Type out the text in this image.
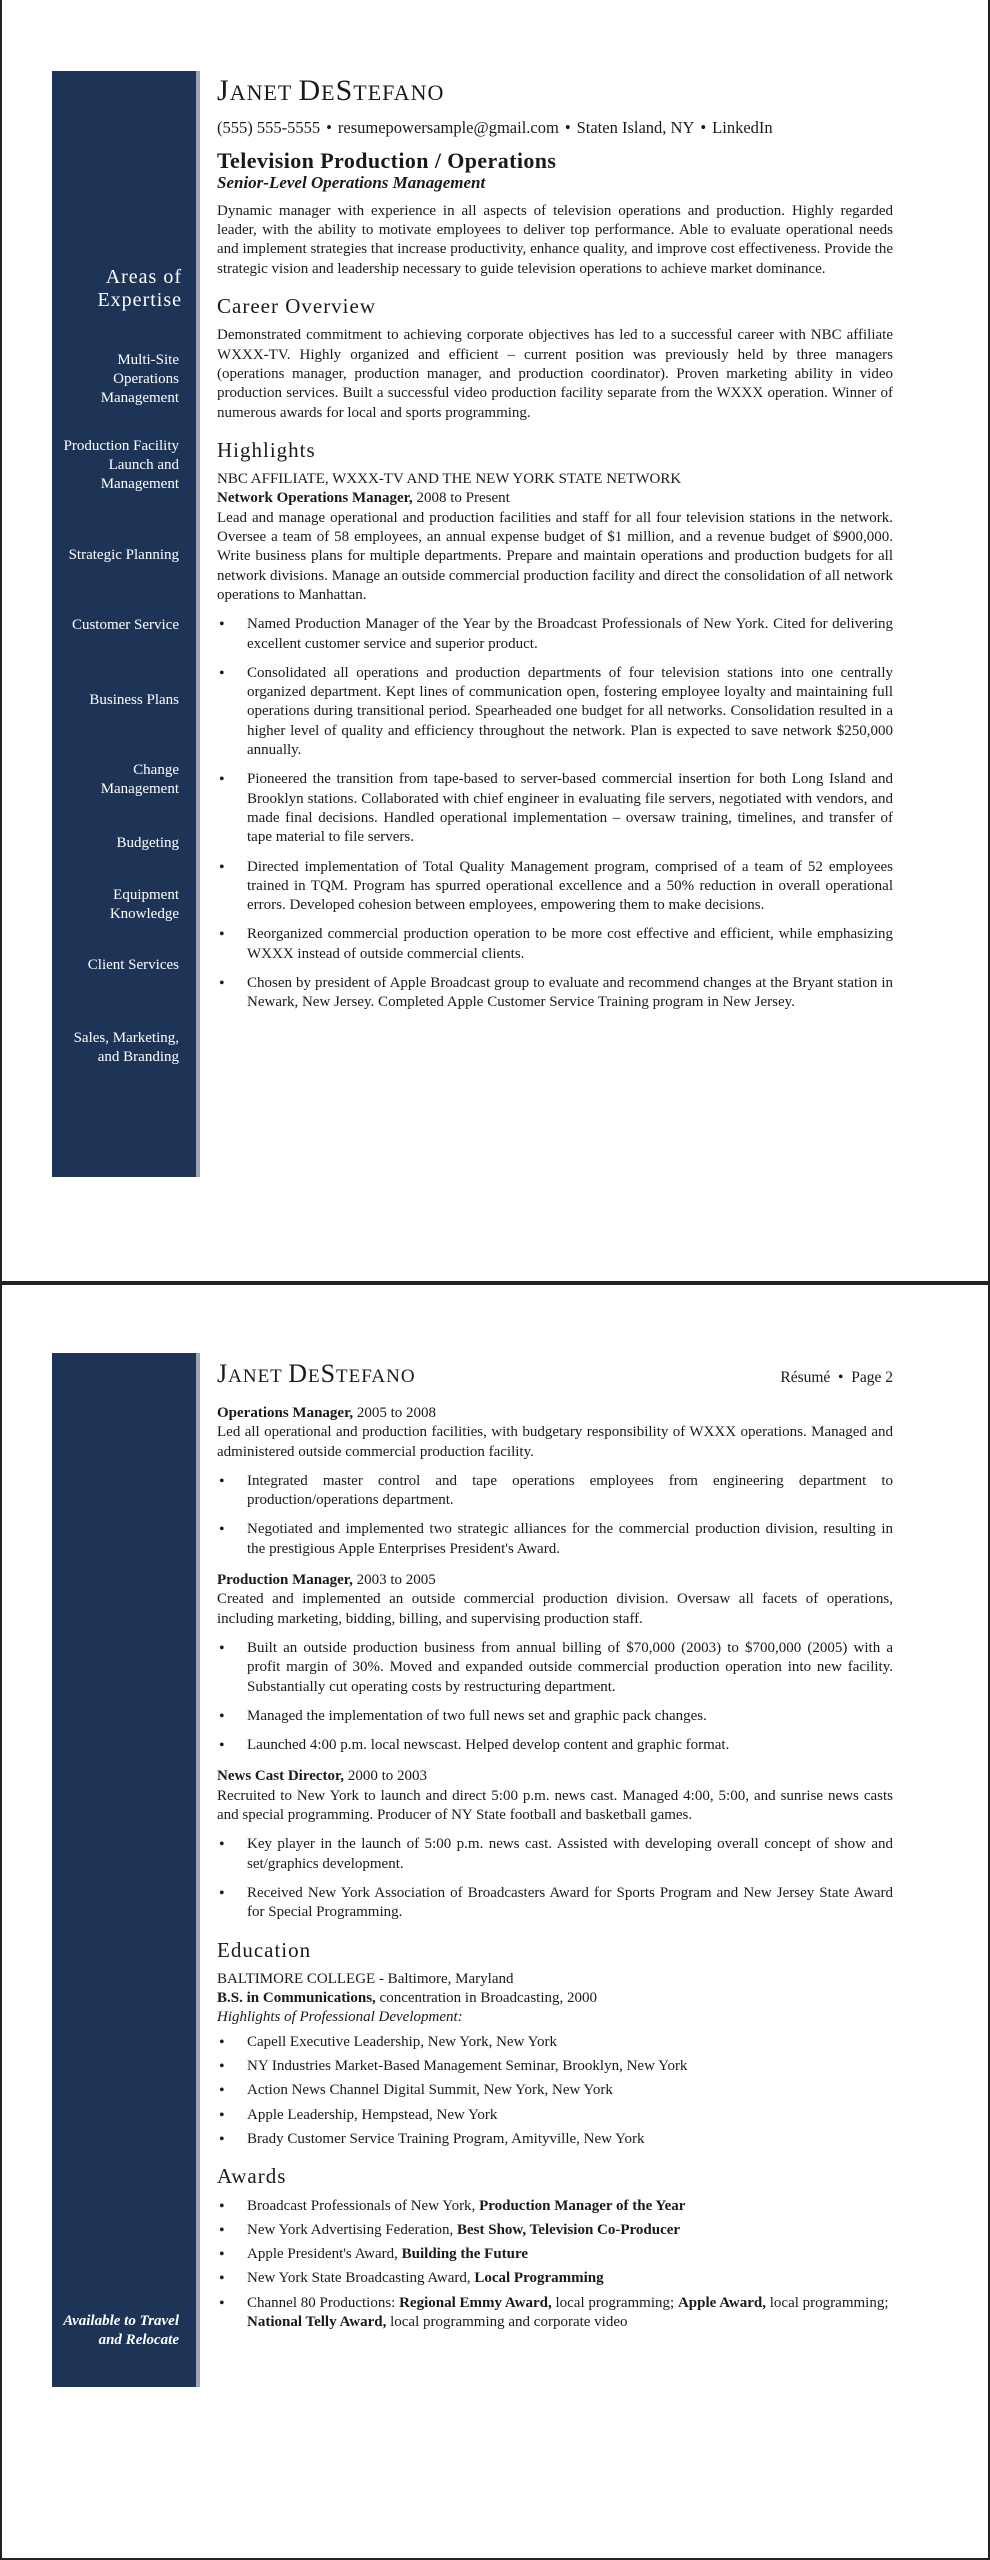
Areas of Expertise
Multi-Site Operations Management
Production Facility Launch and Management
Strategic Planning
Customer Service
Business Plans
Change Management
Budgeting
Equipment Knowledge
Client Services
Sales, Marketing, and Branding
JANET DESTEFANO
(555) 555-5555 • resumepowersample@gmail.com • Staten Island, NY • LinkedIn
Television Production / Operations
Senior-Level Operations Management

Dynamic manager with experience in all aspects of television operations and production. Highly regarded leader, with the ability to motivate employees to deliver top performance. Able to evaluate operational needs and implement strategies that increase productivity, enhance quality, and improve cost effectiveness. Provide the strategic vision and leadership necessary to guide television operations to achieve market dominance.

Career Overview

Demonstrated commitment to achieving corporate objectives has led to a successful career with NBC affiliate WXXX-TV. Highly organized and efficient – current position was previously held by three managers (operations manager, production manager, and production coordinator). Proven marketing ability in video production services. Built a successful video production facility separate from the WXXX operation. Winner of numerous awards for local and sports programming.

Highlights
NBC AFFILIATE, WXXX-TV AND THE NEW YORK STATE NETWORK
Network Operations Manager, 2008 to Present

Lead and manage operational and production facilities and staff for all four television stations in the network. Oversee a team of 58 employees, an annual expense budget of $1 million, and a revenue budget of $900,000. Write business plans for multiple departments. Prepare and maintain operations and production budgets for all network divisions. Manage an outside commercial production facility and direct the consolidation of all network operations to Manhattan.

• Named Production Manager of the Year by the Broadcast Professionals of New York. Cited for delivering excellent customer service and superior product.
• Consolidated all operations and production departments of four television stations into one centrally organized department. Kept lines of communication open, fostering employee loyalty and maintaining full operations during transitional period. Spearheaded one budget for all networks. Consolidation resulted in a higher level of quality and efficiency throughout the network. Plan is expected to save network $250,000 annually.
• Pioneered the transition from tape-based to server-based commercial insertion for both Long Island and Brooklyn stations. Collaborated with chief engineer in evaluating file servers, negotiated with vendors, and made final decisions. Handled operational implementation – oversaw training, timelines, and transfer of tape material to file servers.
• Directed implementation of Total Quality Management program, comprised of a team of 52 employees trained in TQM. Program has spurred operational excellence and a 50% reduction in overall operational errors. Developed cohesion between employees, empowering them to make decisions.
• Reorganized commercial production operation to be more cost effective and efficient, while emphasizing WXXX instead of outside commercial clients.
• Chosen by president of Apple Broadcast group to evaluate and recommend changes at the Bryant station in Newark, New Jersey. Completed Apple Customer Service Training program in New Jersey.
Available to Travel and Relocate
JANET DESTEFANO	Résumé  •  Page 2
Operations Manager, 2005 to 2008

Led all operational and production facilities, with budgetary responsibility of WXXX operations. Managed and administered outside commercial production facility.

• Integrated master control and tape operations employees from engineering department to production/operations department.
• Negotiated and implemented two strategic alliances for the commercial production division, resulting in the prestigious Apple Enterprises President's Award.
Production Manager, 2003 to 2005

Created and implemented an outside commercial production division. Oversaw all facets of operations, including marketing, bidding, billing, and supervising production staff.

• Built an outside production business from annual billing of $70,000 (2003) to $700,000 (2005) with a profit margin of 30%. Moved and expanded outside commercial production operation into new facility. Substantially cut operating costs by restructuring department.
• Managed the implementation of two full news set and graphic pack changes.
• Launched 4:00 p.m. local newscast. Helped develop content and graphic format.
News Cast Director, 2000 to 2003

Recruited to New York to launch and direct 5:00 p.m. news cast. Managed 4:00, 5:00, and sunrise news casts and special programming. Producer of NY State football and basketball games.

• Key player in the launch of 5:00 p.m. news cast. Assisted with developing overall concept of show and set/graphics development.
• Received New York Association of Broadcasters Award for Sports Program and New Jersey State Award for Special Programming.
Education
BALTIMORE COLLEGE - Baltimore, Maryland
B.S. in Communications, concentration in Broadcasting, 2000
Highlights of Professional Development:
• Capell Executive Leadership, New York, New York
• NY Industries Market-Based Management Seminar, Brooklyn, New York
• Action News Channel Digital Summit, New York, New York
• Apple Leadership, Hempstead, New York
• Brady Customer Service Training Program, Amityville, New York
Awards
• Broadcast Professionals of New York, Production Manager of the Year
• New York Advertising Federation, Best Show, Television Co-Producer
• Apple President's Award, Building the Future
• New York State Broadcasting Award, Local Programming
• Channel 80 Productions: Regional Emmy Award, local programming; Apple Award, local programming; National Telly Award, local programming and corporate video
